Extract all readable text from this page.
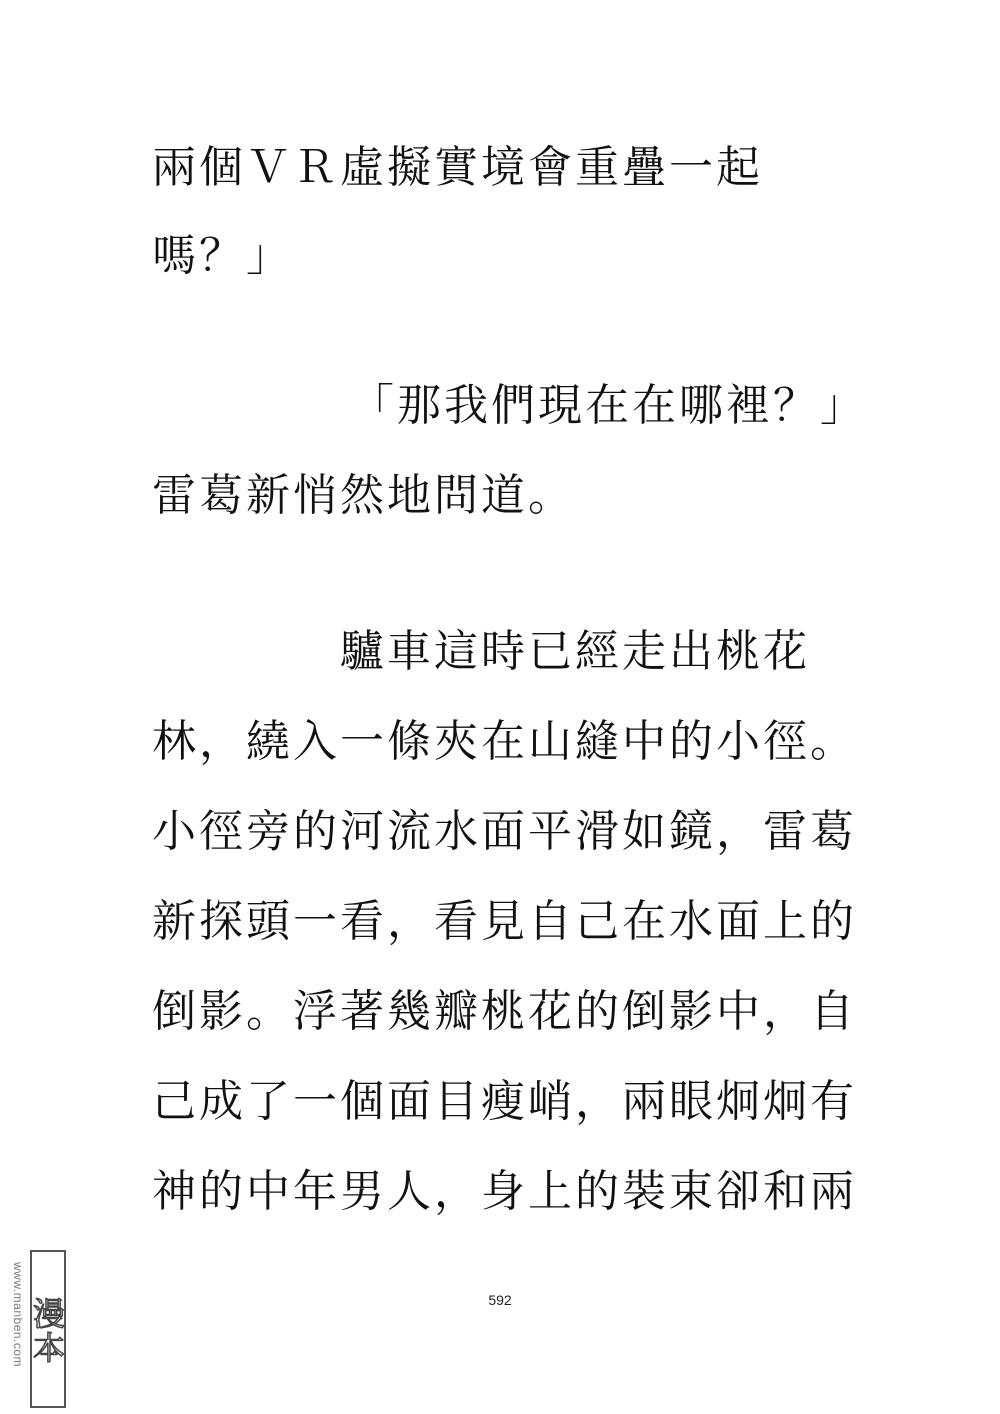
兩個ＶＲ虛擬實境會重疊一起
嗎？」
「那我們現在在哪裡？」
雷葛新悄然地問道。
驢車這時已經走出桃花
林，繞入一條夾在山縫中的小徑。
小徑旁的河流水面平滑如鏡，雷葛
新探頭一看，看見自己在水面上的
倒影。浮著幾瓣桃花的倒影中，自
己成了一個面目瘦峭，兩眼炯炯有
神的中年男人，身上的裝束卻和兩
592
www.manben.com 漫本
